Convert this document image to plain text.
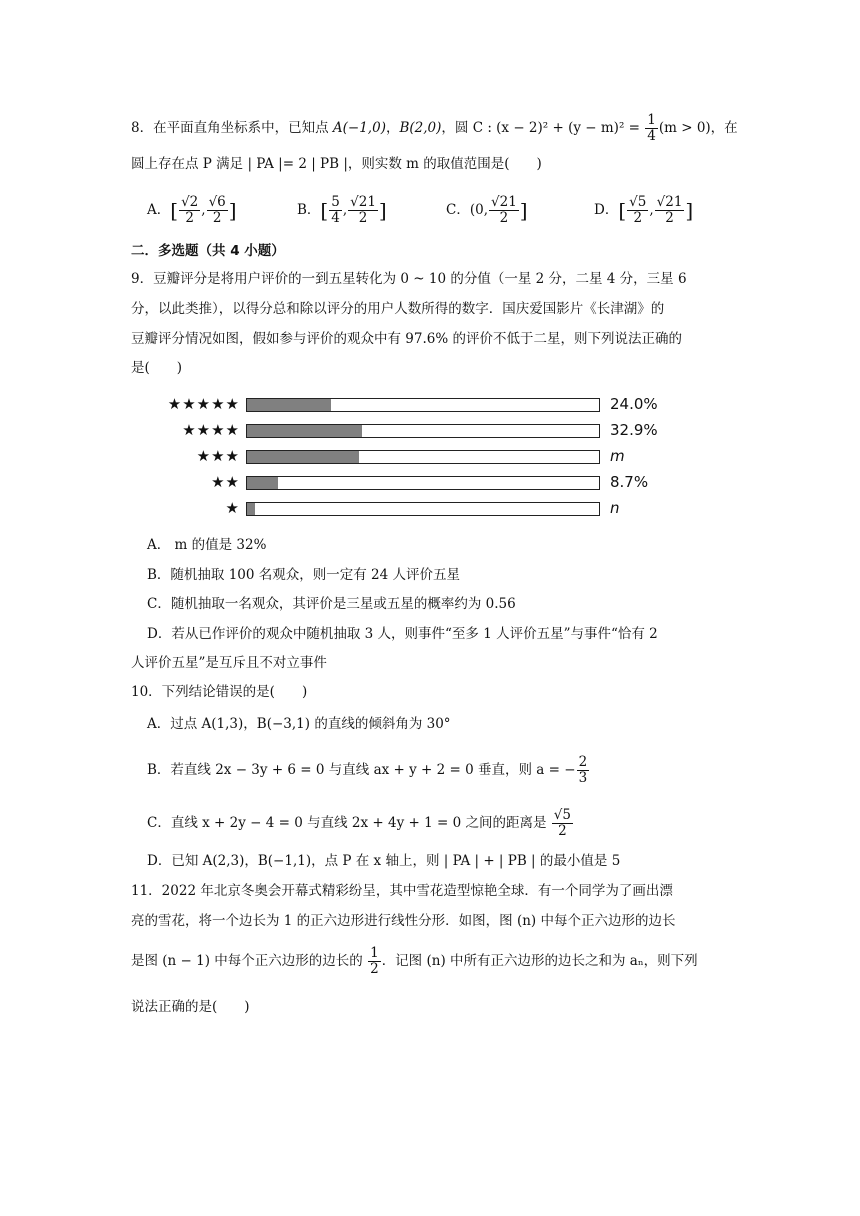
8．在平面直角坐标系中，已知点 A(−1,0)，B(2,0)，圆 C : $(x - 2)^2 + (y - m)^2 = \frac{1}{4} (m > 0)$，在
圆上存在点 P 满足 | PA |= 2 | PB |，则实数 m 的取值范围是(　　)
A．[ $\frac{√2}{2}$ , $\frac{√6}{2}$ ]	B．[ $\frac{5}{4}$ , $\frac{√21}{2}$ ]	C．(0, $\frac{√21}{2}$ ]	D．[ $\frac{√5}{2}$ , $\frac{√21}{2}$ ]
二．多选题（共 4 小题）
9．豆瓣评分是将用户评价的一到五星转化为 0 ~ 10 的分值（一星 2 分，二星 4 分，三星 6
分，以此类推），以得分总和除以评分的用户人数所得的数字．国庆爱国影片《长津湖》的
豆瓣评分情况如图，假如参与评价的观众中有 97.6% 的评价不低于二星，则下列说法正确的
是(　　)
★★★★★	24.0%
★★★★	32.9%
★★★	m
★★	8.7%
★	n
A． m 的值是 32%
B．随机抽取 100 名观众，则一定有 24 人评价五星
C．随机抽取一名观众，其评价是三星或五星的概率约为 0.56
D．若从已作评价的观众中随机抽取 3 人，则事件“至多 1 人评价五星”与事件“恰有 2
人评价五星”是互斥且不对立事件
10．下列结论错误的是(　　)
A．过点 A(1,3)，B(−3,1) 的直线的倾斜角为 30°
B．若直线 2x − 3y + 6 = 0 与直线 ax + y + 2 = 0 垂直，则 a = − $\frac{2}{3}$
C．直线 x + 2y − 4 = 0 与直线 2x + 4y + 1 = 0 之间的距离是 $\frac{√5}{2}$
D．已知 A(2,3)，B(−1,1)，点 P 在 x 轴上，则 | PA | + | PB | 的最小值是 5
11．2022 年北京冬奥会开幕式精彩纷呈，其中雪花造型惊艳全球．有一个同学为了画出漂
亮的雪花，将一个边长为 1 的正六边形进行线性分形．如图，图 (n) 中每个正六边形的边长
是图 (n − 1) 中每个正六边形的边长的 $\frac{1}{2}$ ．记图 (n) 中所有正六边形的边长之和为 aₙ，则下列
说法正确的是(　　)
